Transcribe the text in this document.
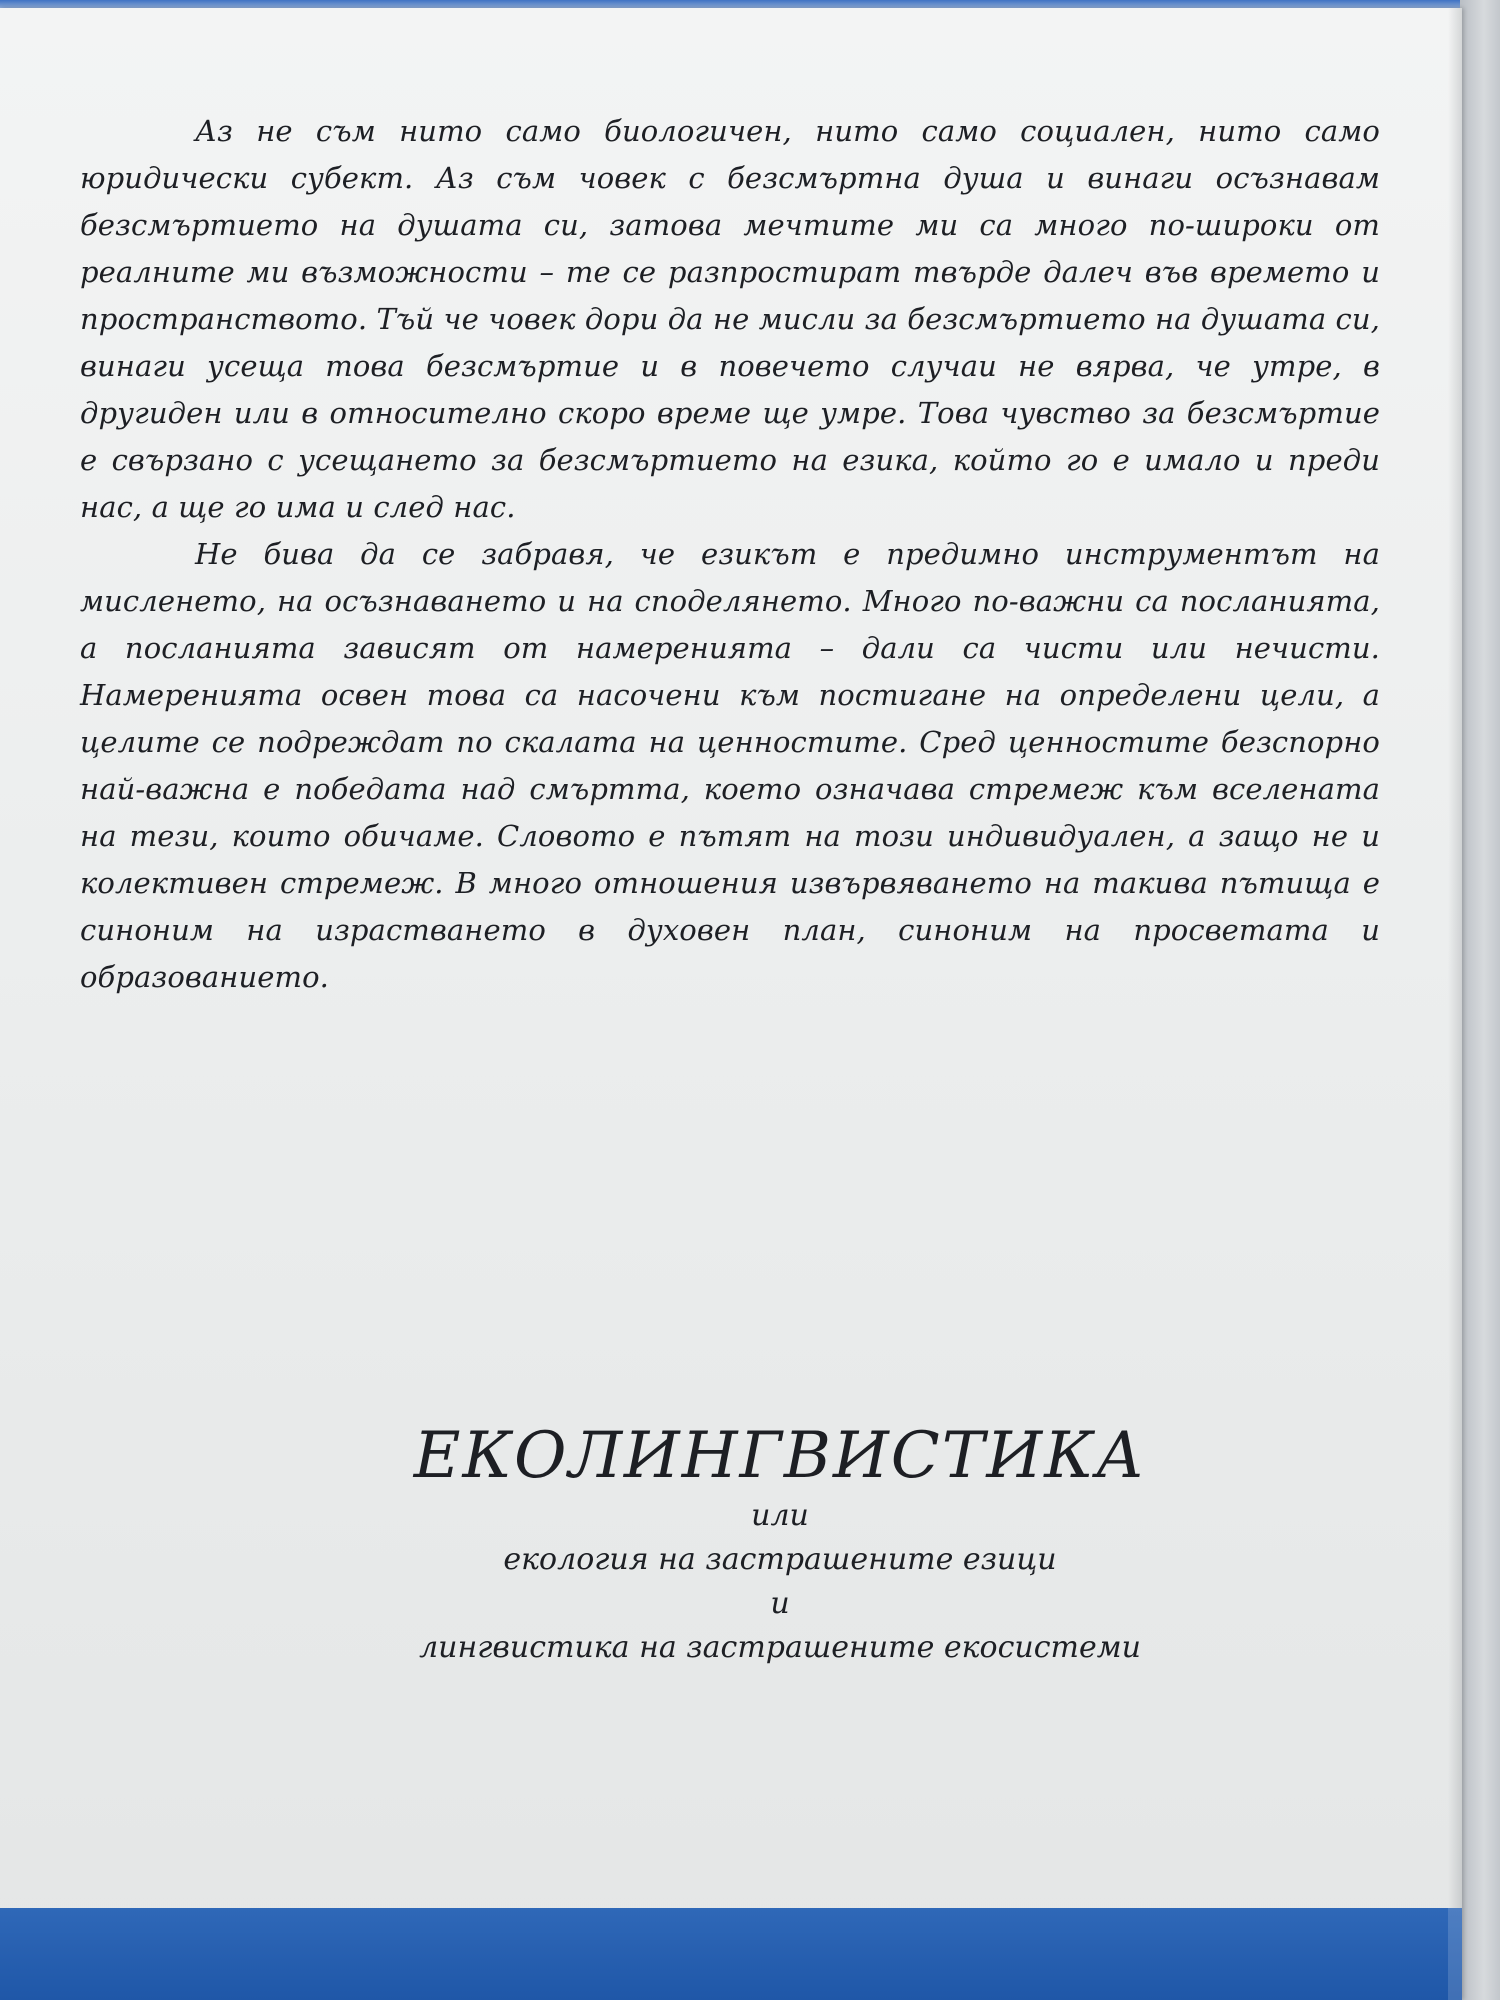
Аз не съм нито само биологичен, нито само социален, нито само юридически субект. Аз съм човек с безсмъртна душа и винаги осъзнавам безсмъртието на душата си, затова мечтите ми са много по-широки от реалните ми възможности – те се разпростират твърде далеч във времето и пространството. Тъй че човек дори да не мисли за безсмъртието на душата си, винаги усеща това безсмъртие и в повечето случаи не вярва, че утре, в другиден или в относително скоро време ще умре. Това чувство за безсмъртие е свързано с усещането за безсмъртието на езика, който го е имало и преди нас, а ще го има и след нас.

Не бива да се забравя, че езикът е предимно инструментът на мисленето, на осъзнаването и на споделянето. Много по-важни са посланията, а посланията зависят от намеренията – дали са чисти или нечисти. Намеренията освен това са насочени към постигане на определени цели, а целите се подреждат по скалата на ценностите. Сред ценностите безспорно най-важна е победата над смъртта, което означава стремеж към вселената на тези, които обичаме. Словото е пътят на този индивидуален, а защо не и колективен стремеж. В много отношения извървяването на такива пътища е синоним на израстването в духовен план, синоним на просветата и образованието.

ЕКОЛИНГВИСТИКА
или
екология на застрашените езици
и
лингвистика на застрашените екосистеми
